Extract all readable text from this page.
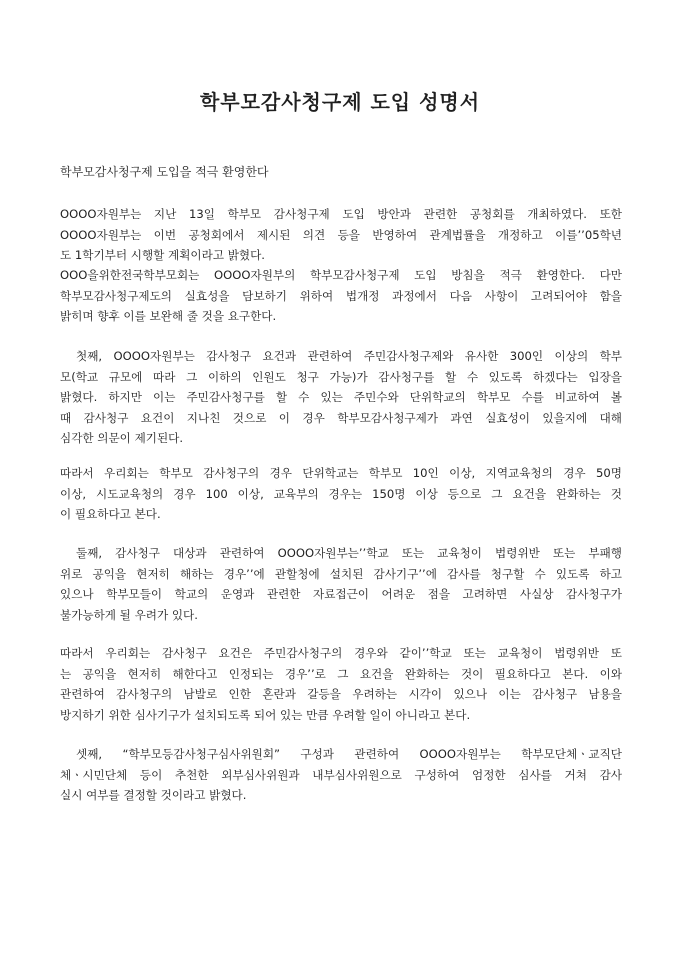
학부모감사청구제 도입 성명서
학부모감사청구제 도입을 적극 환영한다
OOOO자원부는 지난 13일 학부모 감사청구제 도입 방안과 관련한 공청회를 개최하였다. 또한
OOOO자원부는 이번 공청회에서 제시된 의견 등을 반영하여 관계법률을 개정하고 이를’’05학년
도 1학기부터 시행할 계획이라고 밝혔다.
OOO을위한전국학부모회는 OOOO자원부의 학부모감사청구제 도입 방침을 적극 환영한다. 다만
학부모감사청구제도의 실효성을 담보하기 위하여 법개정 과정에서 다음 사항이 고려되어야 함을
밝히며 향후 이를 보완해 줄 것을 요구한다.
첫째, OOOO자원부는 감사청구 요건과 관련하여 주민감사청구제와 유사한 300인 이상의 학부
모(학교 규모에 따라 그 이하의 인원도 청구 가능)가 감사청구를 할 수 있도록 하겠다는 입장을
밝혔다. 하지만 이는 주민감사청구를 할 수 있는 주민수와 단위학교의 학부모 수를 비교하여 볼
때 감사청구 요건이 지나친 것으로 이 경우 학부모감사청구제가 과연 실효성이 있을지에 대해
심각한 의문이 제기된다.
따라서 우리회는 학부모 감사청구의 경우 단위학교는 학부모 10인 이상, 지역교육청의 경우 50명
이상, 시도교육청의 경우 100 이상, 교육부의 경우는 150명 이상 등으로 그 요건을 완화하는 것
이 필요하다고 본다.
둘째, 감사청구 대상과 관련하여 OOOO자원부는’’학교 또는 교육청이 법령위반 또는 부패행
위로 공익을 현저히 해하는 경우’’에 관할청에 설치된 감사기구’’에 감사를 청구할 수 있도록 하고
있으나 학부모들이 학교의 운영과 관련한 자료접근이 어려운 점을 고려하면 사실상 감사청구가
불가능하게 될 우려가 있다.
따라서 우리회는 감사청구 요건은 주민감사청구의 경우와 같이’’학교 또는 교육청이 법령위반 또
는 공익을 현저히 해한다고 인정되는 경우’’로 그 요건을 완화하는 것이 필요하다고 본다. 이와
관련하여 감사청구의 남발로 인한 혼란과 갈등을 우려하는 시각이 있으나 이는 감사청구 남용을
방지하기 위한 심사기구가 설치되도록 되어 있는 만큼 우려할 일이 아니라고 본다.
셋째, “학부모등감사청구심사위원회” 구성과 관련하여 OOOO자원부는 학부모단체ㆍ교직단
체ㆍ시민단체 등이 추천한 외부심사위원과 내부심사위원으로 구성하여 엄정한 심사를 거쳐 감사
실시 여부를 결정할 것이라고 밝혔다.
